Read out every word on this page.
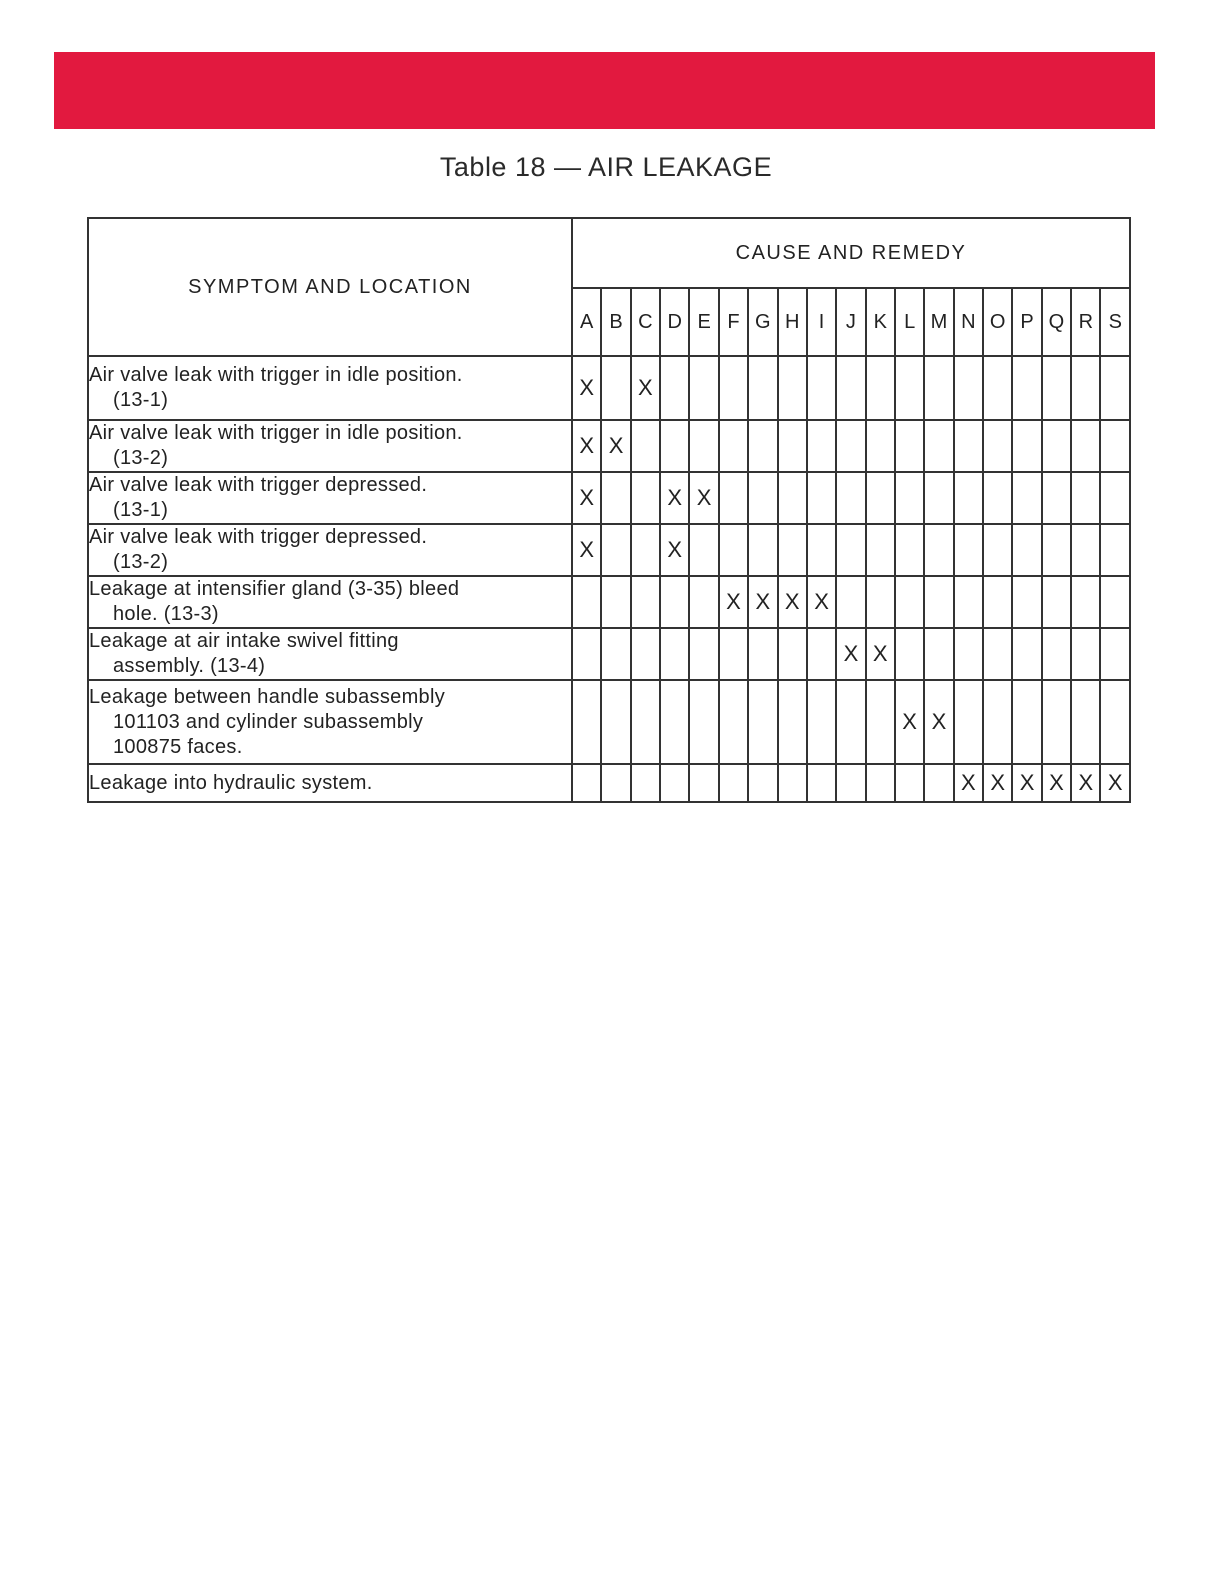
Table 18 — AIR LEAKAGE
SYMPTOM AND LOCATION	CAUSE AND REMEDY																		
	A	B	C	D	E	F	G	H	I	J	K	L	M	N	O	P	Q	R	S

Air valve leak with trigger in idle position.
(13-1)	X		X																

Air valve leak with trigger in idle position.
(13-2)	X	X																	

Air valve leak with trigger depressed.
(13-1)	X			X	X														

Air valve leak with trigger depressed.
(13-2)	X			X															

Leakage at intensifier gland (3-35) bleed
hole. (13-3)						X	X	X	X										

Leakage at air intake swivel fitting
assembly. (13-4)										X	X								

Leakage between handle subassembly
101103 and cylinder subassembly
100875 faces.												X	X						

Leakage into hydraulic system.														X	X	X	X	X	X
